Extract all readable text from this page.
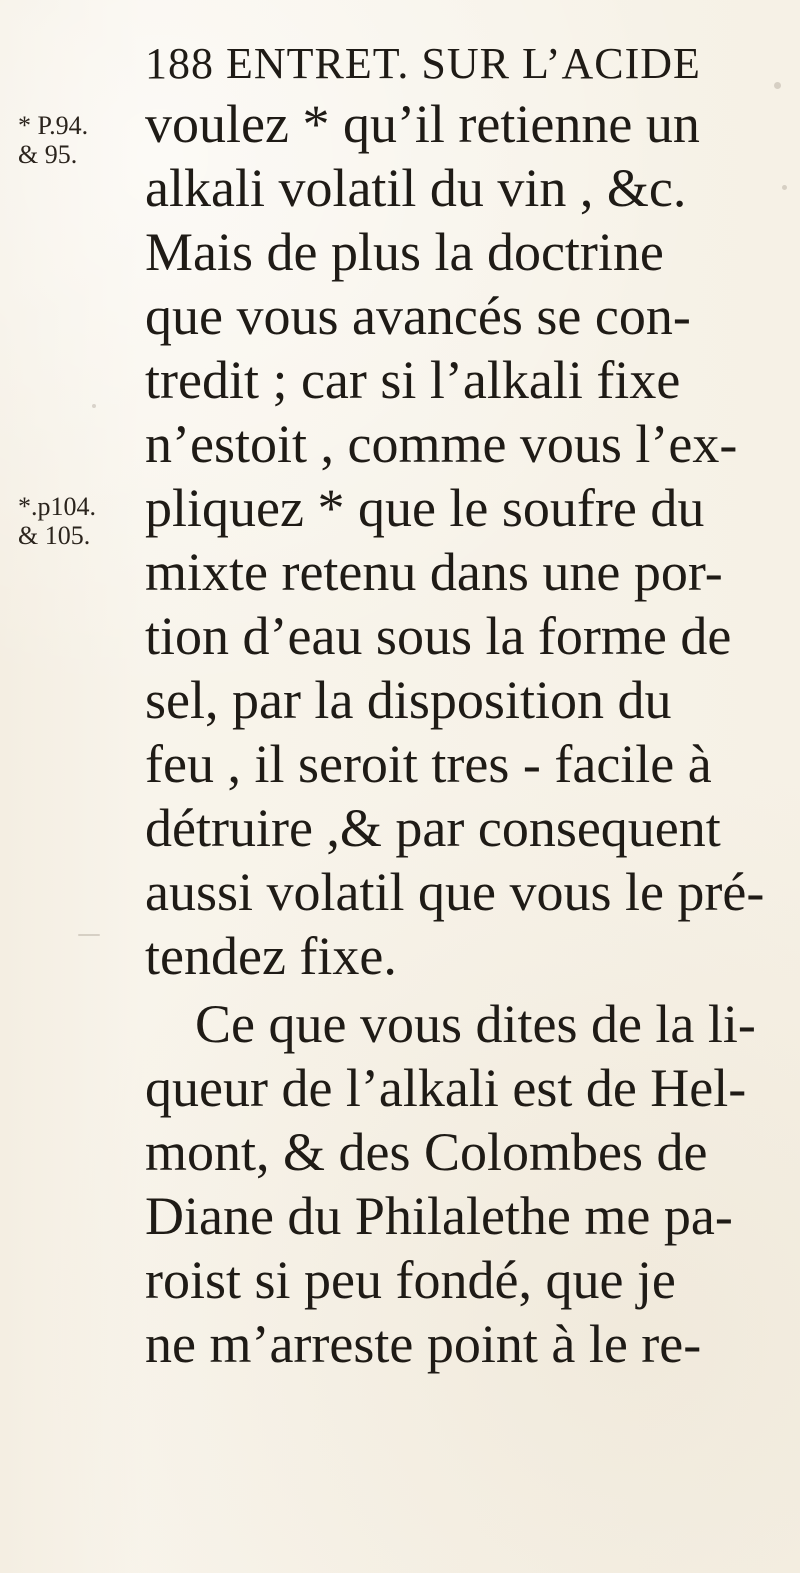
188 ENTRET. SUR L’ACIDE
* P.94.
& 95.
*.p104.
& 105.
voulez * qu’il retienne un
alkali volatil du vin , &c.
Mais de plus la doctrine
que vous avancés se con-
tredit ; car si l’alkali fixe
n’estoit , comme vous l’ex-
pliquez * que le soufre du
mixte retenu dans une por-
tion d’eau sous la forme de
sel, par la disposition du
feu , il seroit tres - facile à
détruire ,& par consequent
aussi volatil que vous le pré-
tendez fixe.
Ce que vous dites de la li-
queur de l’alkali est de Hel-
mont, & des Colombes de
Diane du Philalethe me pa-
roist si peu fondé, que je
ne m’arreste point à le re-
